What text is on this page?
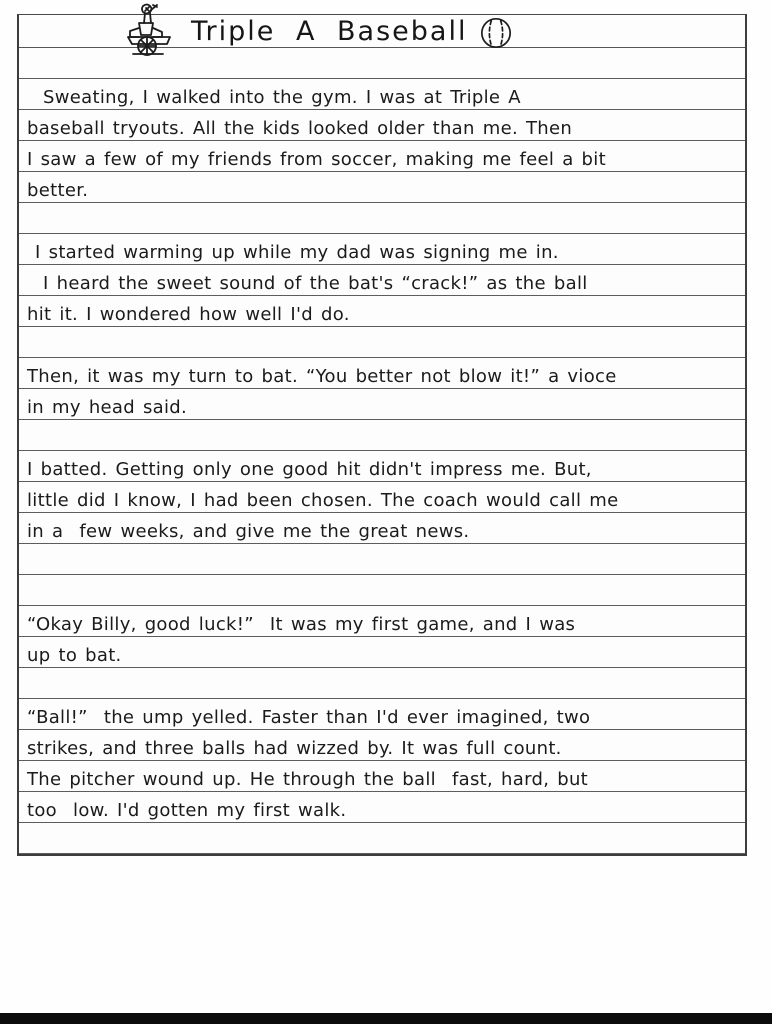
Triple A Baseball
Sweating, I walked into the gym. I was at Triple A
baseball tryouts. All the kids looked older than me. Then
I saw a few of my friends from soccer, making me feel a bit
better.
I started warming up while my dad was signing me in.
I heard the sweet sound of the bat's “crack!” as the ball
hit it. I wondered how well I'd do.
Then, it was my turn to bat. “You better not blow it!” a vioce
in my head said.
I batted. Getting only one good hit didn't impress me. But,
little did I know, I had been chosen. The coach would call me
in a  few weeks, and give me the great news.
“Okay Billy, good luck!”  It was my first game, and I was
up to bat.
“Ball!”  the ump yelled. Faster than I'd ever imagined, two
strikes, and three balls had wizzed by. It was full count.
The pitcher wound up. He through the ball  fast, hard, but
too  low. I'd gotten my first walk.
